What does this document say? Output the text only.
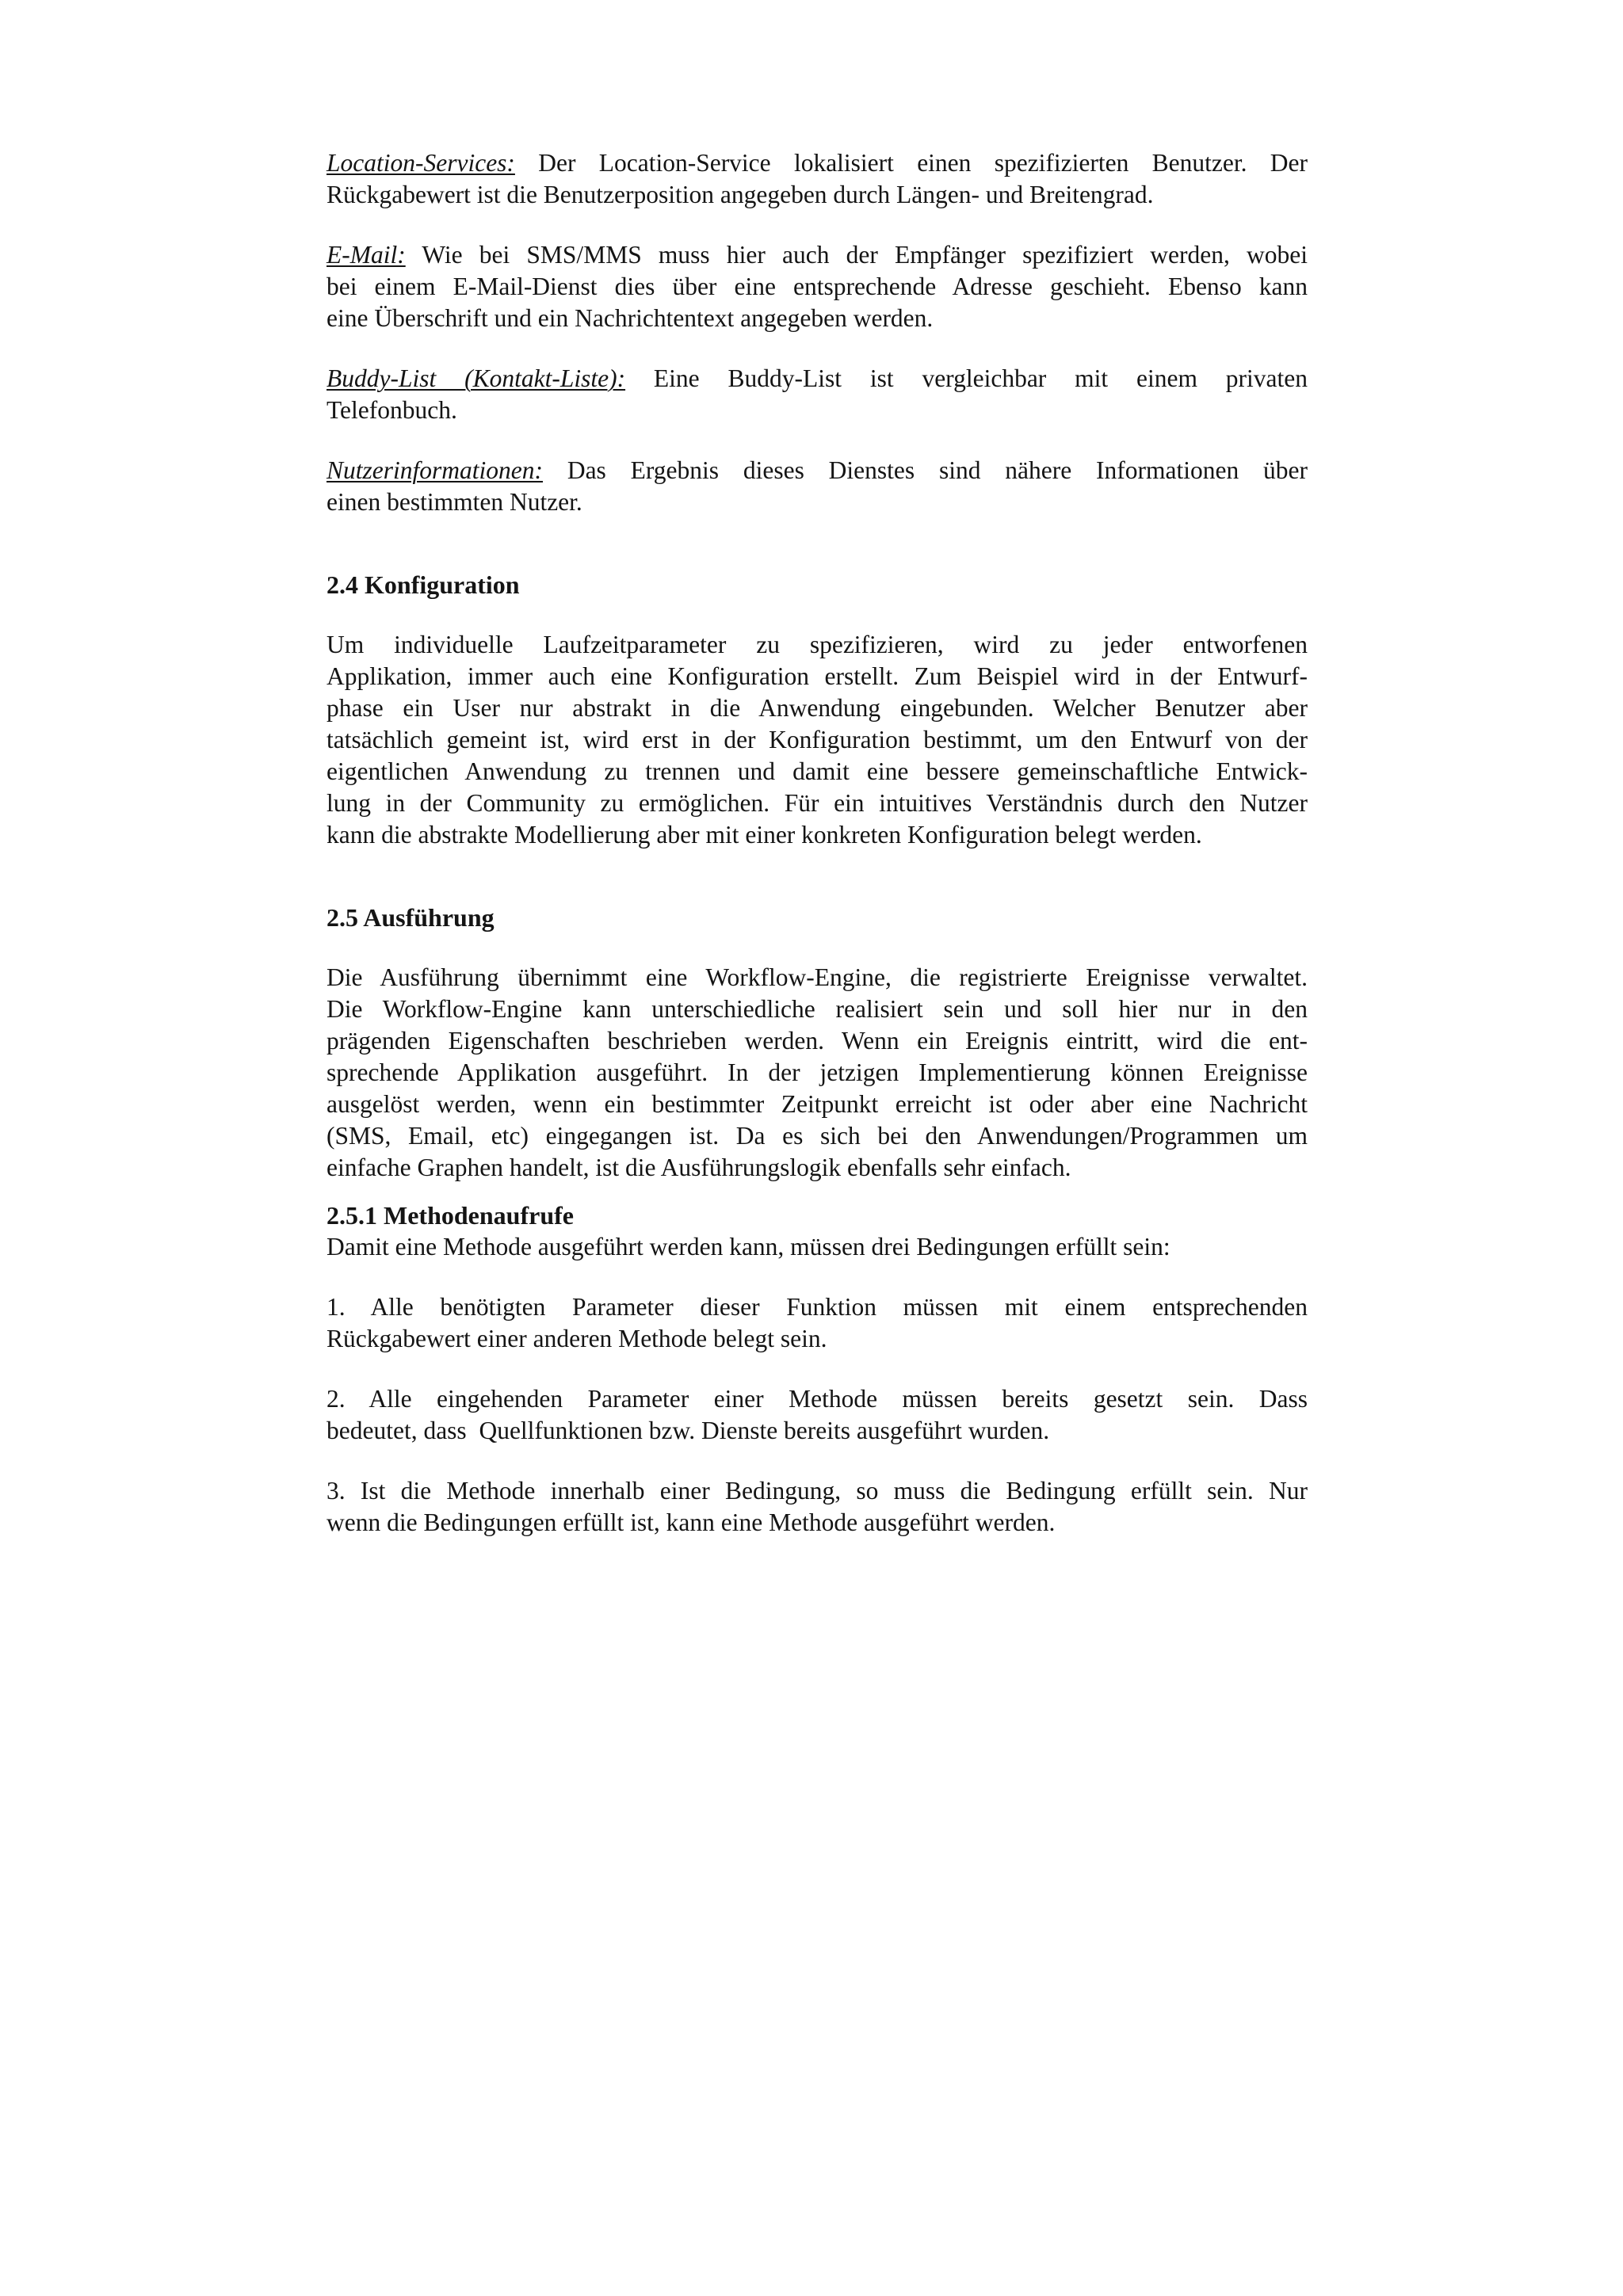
Location-Services: Der Location-Service lokalisiert einen spezifizierten Benutzer. Der
Rückgabewert ist die Benutzerposition angegeben durch Längen- und Breitengrad.

E-Mail: Wie bei SMS/MMS muss hier auch der Empfänger spezifiziert werden, wobei
bei einem E-Mail-Dienst dies über eine entsprechende Adresse geschieht. Ebenso kann
eine Überschrift und ein Nachrichtentext angegeben werden.

Buddy-List (Kontakt-Liste): Eine Buddy-List ist vergleichbar mit einem privaten
Telefonbuch.

Nutzerinformationen: Das Ergebnis dieses Dienstes sind nähere Informationen über
einen bestimmten Nutzer.

2.4 Konfiguration

Um individuelle Laufzeitparameter zu spezifizieren, wird zu jeder entworfenen
Applikation, immer auch eine Konfiguration erstellt. Zum Beispiel wird in der Entwurf-
phase ein User nur abstrakt in die Anwendung eingebunden. Welcher Benutzer aber
tatsächlich gemeint ist, wird erst in der Konfiguration bestimmt, um den Entwurf von der
eigentlichen Anwendung zu trennen und damit eine bessere gemeinschaftliche Entwick-
lung in der Community zu ermöglichen. Für ein intuitives Verständnis durch den Nutzer
kann die abstrakte Modellierung aber mit einer konkreten Konfiguration belegt werden.

2.5 Ausführung

Die Ausführung übernimmt eine Workflow-Engine, die registrierte Ereignisse verwaltet.
Die Workflow-Engine kann unterschiedliche realisiert sein und soll hier nur in den
prägenden Eigenschaften beschrieben werden. Wenn ein Ereignis eintritt, wird die ent-
sprechende Applikation ausgeführt. In der jetzigen Implementierung können Ereignisse
ausgelöst werden, wenn ein bestimmter Zeitpunkt erreicht ist oder aber eine Nachricht
(SMS, Email, etc) eingegangen ist. Da es sich bei den Anwendungen/Programmen um
einfache Graphen handelt, ist die Ausführungslogik ebenfalls sehr einfach.

2.5.1 Methodenaufrufe

Damit eine Methode ausgeführt werden kann, müssen drei Bedingungen erfüllt sein:

1. Alle benötigten Parameter dieser Funktion müssen mit einem entsprechenden
Rückgabewert einer anderen Methode belegt sein.

2. Alle eingehenden Parameter einer Methode müssen bereits gesetzt sein. Dass
bedeutet, dass  Quellfunktionen bzw. Dienste bereits ausgeführt wurden.

3. Ist die Methode innerhalb einer Bedingung, so muss die Bedingung erfüllt sein. Nur
wenn die Bedingungen erfüllt ist, kann eine Methode ausgeführt werden.
